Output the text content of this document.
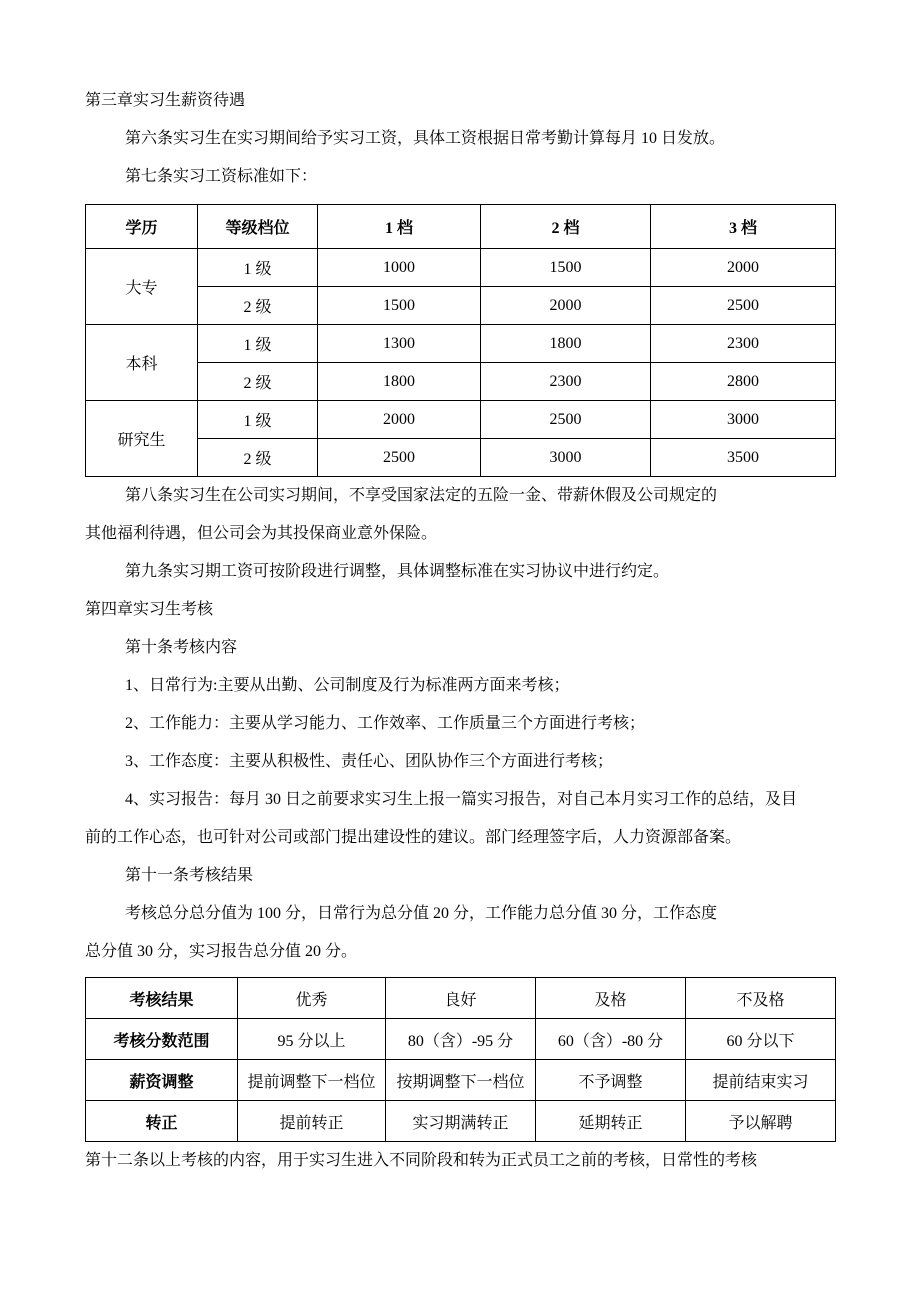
第三章实习生薪资待遇

第六条实习生在实习期间给予实习工资，具体工资根据日常考勤计算每月 10 日发放。

第七条实习工资标准如下：

学历	等级档位	1 档	2 档	3 档
大专	1 级	1000	1500	2000
	2 级	1500	2000	2500
本科	1 级	1300	1800	2300
	2 级	1800	2300	2800
研究生	1 级	2000	2500	3000
	2 级	2500	3000	3500

第八条实习生在公司实习期间，不享受国家法定的五险一金、带薪休假及公司规定的

其他福利待遇，但公司会为其投保商业意外保险。

第九条实习期工资可按阶段进行调整，具体调整标准在实习协议中进行约定。

第四章实习生考核

第十条考核内容

1、日常行为:主要从出勤、公司制度及行为标准两方面来考核；

2、工作能力：主要从学习能力、工作效率、工作质量三个方面进行考核；

3、工作态度：主要从积极性、责任心、团队协作三个方面进行考核；

4、实习报告：每月 30 日之前要求实习生上报一篇实习报告，对自己本月实习工作的总结，及目

前的工作心态，也可针对公司或部门提出建设性的建议。部门经理签字后，人力资源部备案。

第十一条考核结果

考核总分总分值为 100 分，日常行为总分值 20 分，工作能力总分值 30 分，工作态度

总分值 30 分，实习报告总分值 20 分。

考核结果	优秀	良好	及格	不及格
考核分数范围	95 分以上	80（含）-95 分	60（含）-80 分	60 分以下
薪资调整	提前调整下一档位	按期调整下一档位	不予调整	提前结束实习
转正	提前转正	实习期满转正	延期转正	予以解聘

第十二条以上考核的内容，用于实习生进入不同阶段和转为正式员工之前的考核，日常性的考核
